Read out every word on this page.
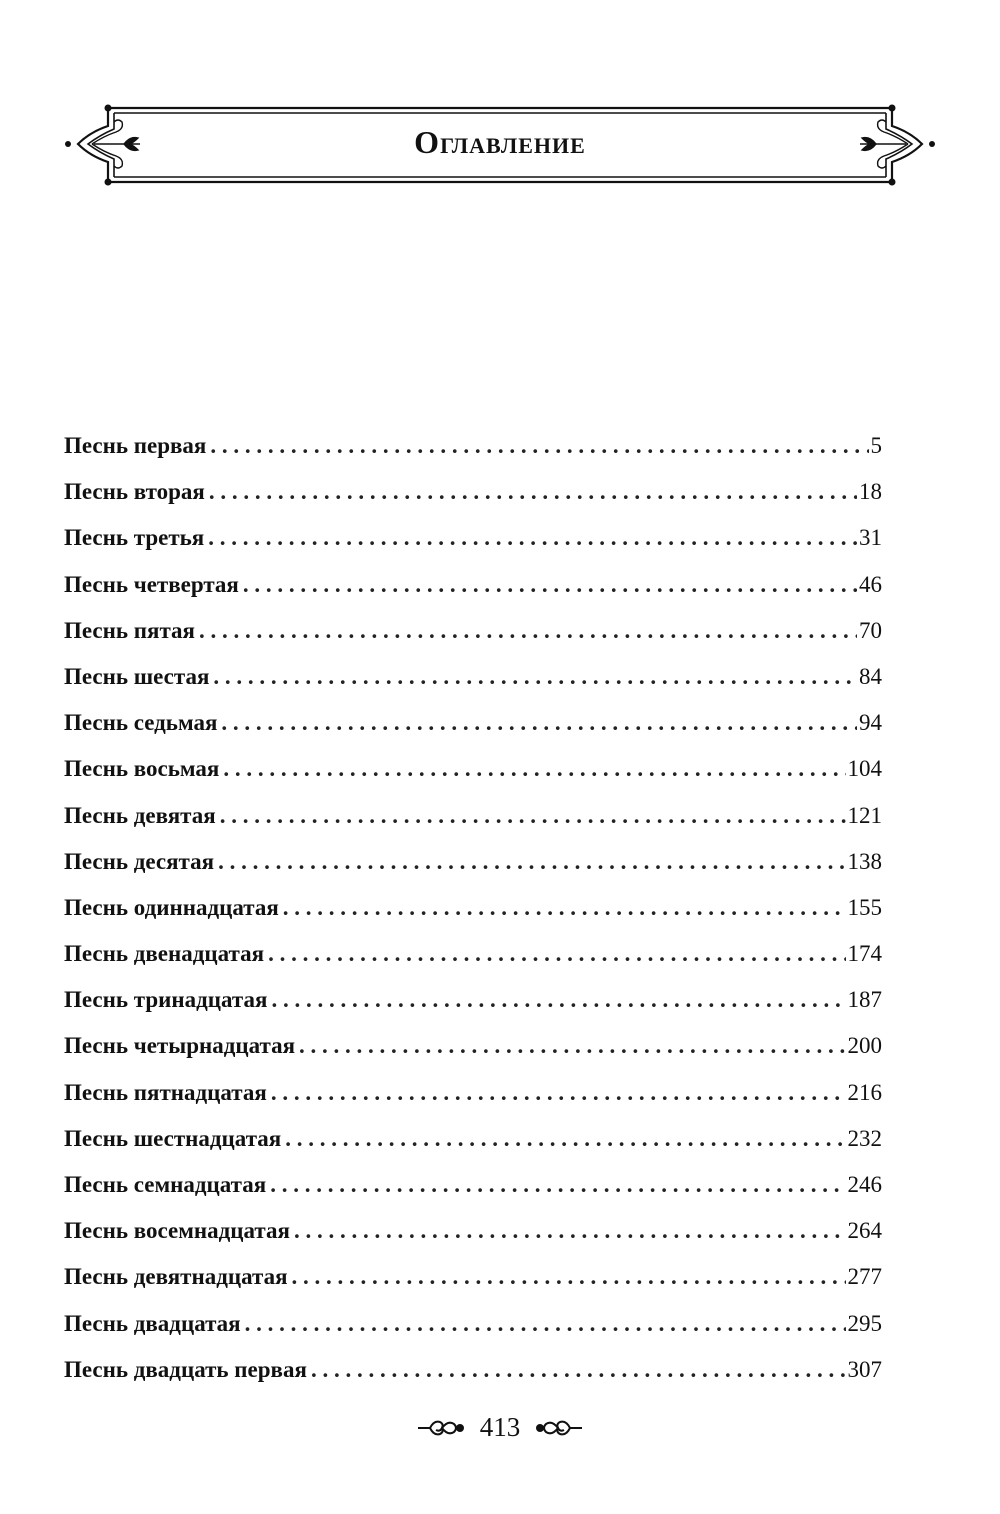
Оглавление
Песнь первая . . .	5
Песнь вторая . . .	18
Песнь третья . . .	31
Песнь четвертая . . .	46
Песнь пятая . . .	70
Песнь шестая . . .	84
Песнь седьмая . . .	94
Песнь восьмая . . .	104
Песнь девятая . . .	121
Песнь десятая . . .	138
Песнь одиннадцатая . . .	155
Песнь двенадцатая . . .	174
Песнь тринадцатая . . .	187
Песнь четырнадцатая . . .	200
Песнь пятнадцатая . . .	216
Песнь шестнадцатая . . .	232
Песнь семнадцатая . . .	246
Песнь восемнадцатая . . .	264
Песнь девятнадцатая . . .	277
Песнь двадцатая . . .	295
Песнь двадцать первая . . .	307
413
